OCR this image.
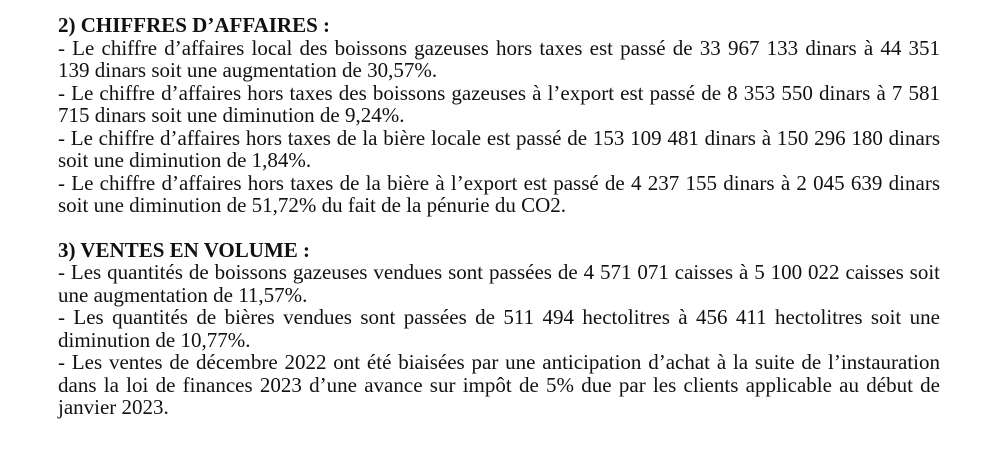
2) CHIFFRES D’AFFAIRES :

- Le chiffre d’affaires local des boissons gazeuses hors taxes est passé de 33 967 133 dinars à 44 351 139 dinars soit une augmentation de 30,57%.

- Le chiffre d’affaires hors taxes des boissons gazeuses à l’export est passé de 8 353 550 dinars à 7 581 715 dinars soit une diminution de 9,24%.

- Le chiffre d’affaires hors taxes de la bière locale est passé de 153 109 481 dinars à 150 296 180 dinars soit une diminution de 1,84%.

- Le chiffre d’affaires hors taxes de la bière à l’export est passé de 4 237 155 dinars à 2 045 639 dinars soit une diminution de 51,72% du fait de la pénurie du CO2.

3) VENTES EN VOLUME :

- Les quantités de boissons gazeuses vendues sont passées de 4 571 071 caisses à 5 100 022 caisses soit une augmentation de 11,57%.

- Les quantités de bières vendues sont passées de 511 494 hectolitres à 456 411 hectolitres soit une diminution de 10,77%.

- Les ventes de décembre 2022 ont été biaisées par une anticipation d’achat à la suite de l’instauration dans la loi de finances 2023 d’une avance sur impôt de 5% due par les clients applicable au début de janvier 2023.
